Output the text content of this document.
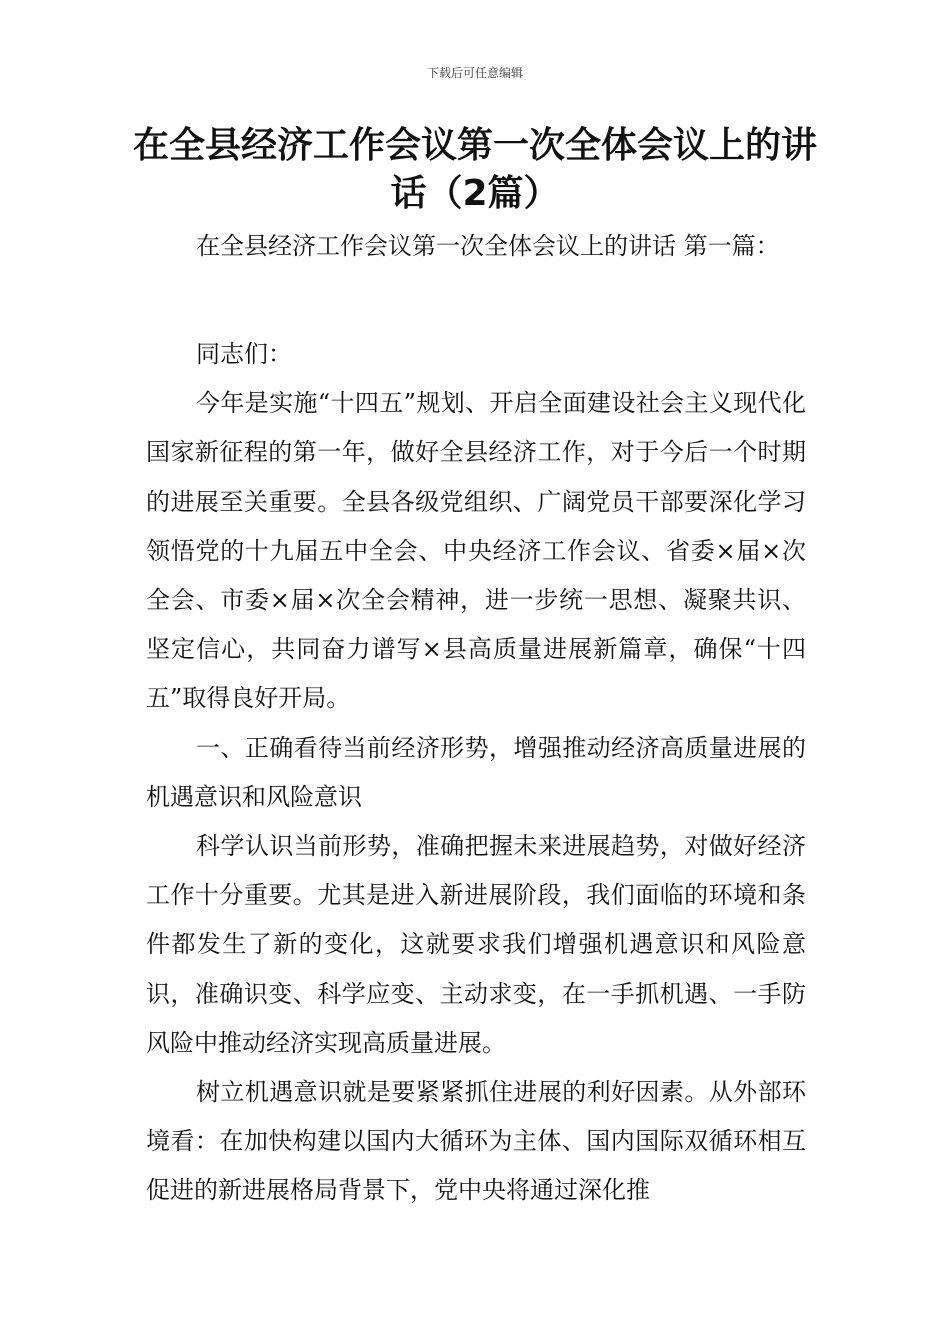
下载后可任意编辑
在全县经济工作会议第一次全体会议上的讲话（2篇）

在全县经济工作会议第一次全体会议上的讲话 第一篇：

同志们：

今年是实施“十四五”规划、开启全面建设社会主义现代化国家新征程的第一年，做好全县经济工作，对于今后一个时期的进展至关重要。全县各级党组织、广阔党员干部要深化学习领悟党的十九届五中全会、中央经济工作会议、省委×届×次全会、市委×届×次全会精神，进一步统一思想、凝聚共识、坚定信心，共同奋力谱写×县高质量进展新篇章，确保“十四五”取得良好开局。

一、正确看待当前经济形势，增强推动经济高质量进展的机遇意识和风险意识

科学认识当前形势，准确把握未来进展趋势，对做好经济工作十分重要。尤其是进入新进展阶段，我们面临的环境和条件都发生了新的变化，这就要求我们增强机遇意识和风险意识，准确识变、科学应变、主动求变，在一手抓机遇、一手防风险中推动经济实现高质量进展。

树立机遇意识就是要紧紧抓住进展的利好因素。从外部环境看：在加快构建以国内大循环为主体、国内国际双循环相互促进的新进展格局背景下，党中央将通过深化推
